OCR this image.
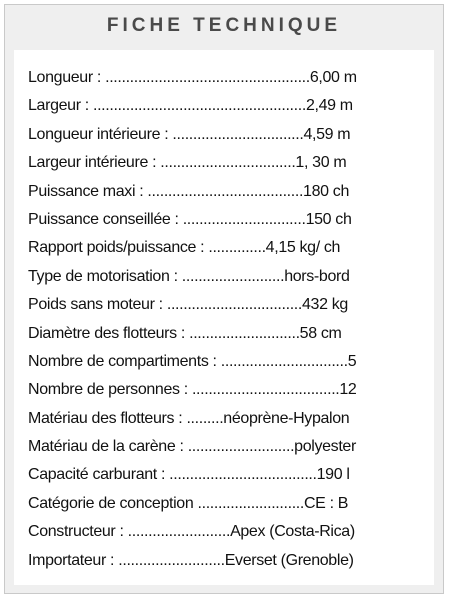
FICHE TECHNIQUE
Longueur : ..................................................6,00 m
Largeur : ....................................................2,49 m
Longueur intérieure : ................................4,59 m
Largeur intérieure : .................................1, 30 m
Puissance maxi : ......................................180 ch
Puissance conseillée : ..............................150 ch
Rapport poids/puissance : ..............4,15 kg/ ch
Type de motorisation : .........................hors-bord
Poids sans moteur : .................................432 kg
Diamètre des flotteurs : ...........................58 cm
Nombre de compartiments : ...............................5
Nombre de personnes : ....................................12
Matériau des flotteurs : .........néoprène-Hypalon
Matériau de la carène : ..........................polyester
Capacité carburant : ....................................190 l
Catégorie de conception ..........................CE : B
Constructeur : .........................Apex (Costa-Rica)
Importateur : ..........................Everset (Grenoble)
